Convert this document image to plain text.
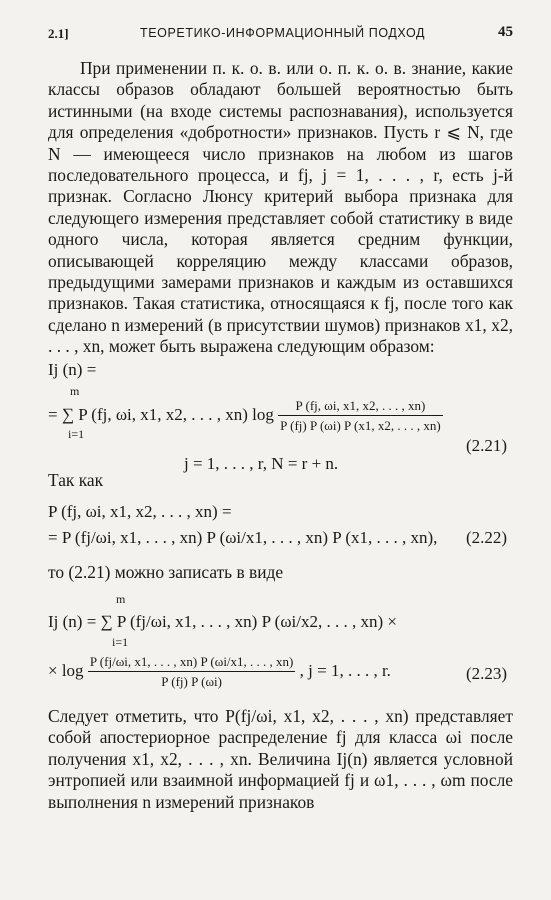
2.1]	ТЕОРЕТИКО-ИНФОРМАЦИОННЫЙ ПОДХОД	45

При применении п. к. о. в. или о. п. к. о. в. знание, какие классы образов обладают большей вероятностью быть истинными (на входе системы распознавания), используется для определения «добротности» признаков. Пусть r ⩽ N, где N — имеющееся число признаков на любом из шагов последовательного процесса, и fj, j = 1, . . . , r, есть j-й признак. Согласно Люнсу критерий выбора признака для следующего измерения представляет собой статистику в виде одного числа, которая является средним функции, описывающей корреляцию между классами образов, предыдущими замерами признаков и каждым из оставшихся признаков. Такая статистика, относящаяся к fj, после того как сделано n измерений (в присутствии шумов) признаков x1, x2, . . . , xn, может быть выражена следующим образом:

Ij (n) =
m
= ∑ P (fj, ωi, x1, x2, . . . , xn) $\log \frac{P (fj, \omega i, x1, x2, . . . , xn)}{P (fj) P (\omega i) P (x1, x2, . . . , xn)}$
i=1
(2.21)
j = 1, . . . , r, N = r + n.
Так как
P (fj, ωi, x1, x2, . . . , xn) =
= P (fj/ωi, x1, . . . , xn) P (ωi/x1, . . . , xn) P (x1, . . . , xn), (2.22)
то (2.21) можно записать в виде
m
Ij (n) = ∑ P (fj/ωi, x1, . . . , xn) P (ωi/x2, . . . , xn) ×
i=1
× $\log \frac{P (fj/\omega i, x1, . . . , xn) P (\omega i/x1, . . . , xn)}{P (fj) P (\omega i)}$ , j = 1, . . . , r.	(2.23)

Следует отметить, что P(fj/ωi, x1, x2, . . . , xn) представляет собой апостериорное распределение fj для класса ωi после получения x1, x2, . . . , xn. Величина Ij(n) является условной энтропией или взаимной информацией fj и ω1, . . . , ωm после выполнения n измерений признаков
